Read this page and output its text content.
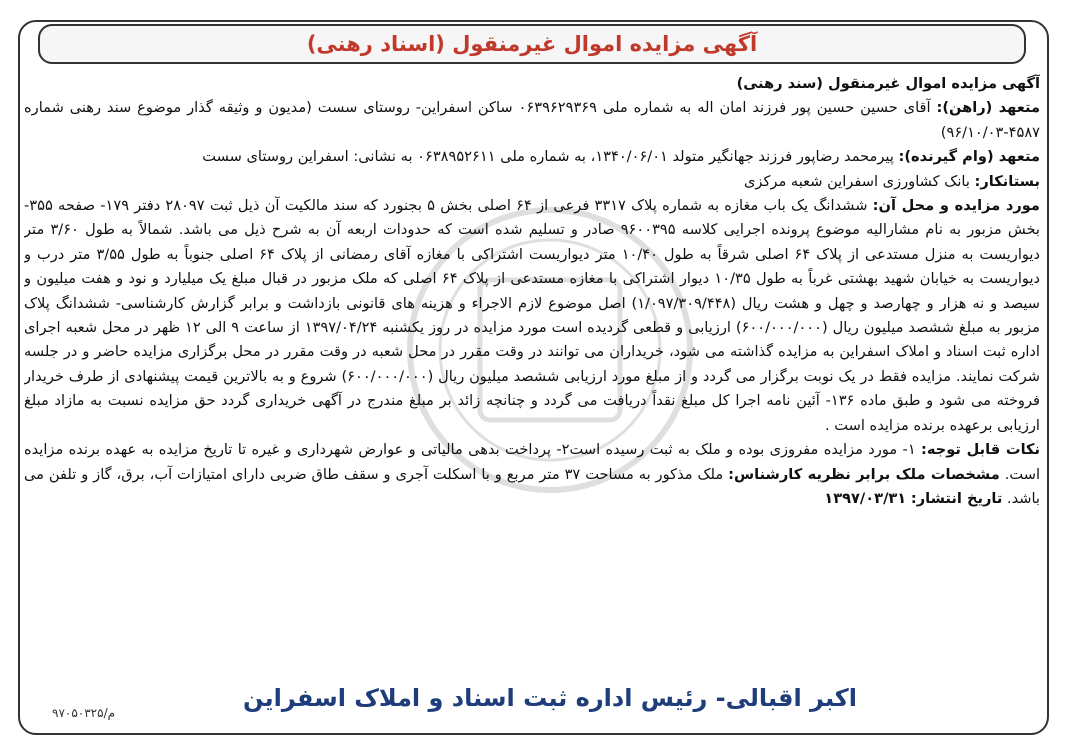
آگهی مزایده اموال غیرمنقول (اسناد رهنی)

آگهی مزایده اموال غیرمنقول (سند رهنی)

متعهد (راهن): آقای حسین حسین پور فرزند امان اله به شماره ملی ۰۶۳۹۶۲۹۳۶۹ ساکن اسفراین- روستای سست (مدیون و وثیقه گذار موضوع سند رهنی شماره ۴۵۸۷-۹۶/۱۰/۰۳)

متعهد (وام گیرنده): پیرمحمد رضاپور فرزند جهانگیر متولد ۱۳۴۰/۰۶/۰۱، به شماره ملی ۰۶۳۸۹۵۲۶۱۱ به نشانی: اسفراین روستای سست

بستانکار: بانک کشاورزی اسفراین شعبه مرکزی

مورد مزایده و محل آن: ششدانگ یک باب مغازه به شماره پلاک ۳۳۱۷ فرعی از ۶۴ اصلی بخش ۵ بجنورد که سند مالکیت آن ذیل ثبت ۲۸۰۹۷ دفتر ۱۷۹- صفحه ۳۵۵- بخش مزبور به نام مشارالیه موضوع پرونده اجرایی کلاسه ۹۶۰۰۳۹۵ صادر و تسلیم شده است که حدودات اربعه آن به شرح ذیل می باشد. شمالاً به طول ۳/۶۰ متر دیواریست به منزل مستدعی از پلاک ۶۴ اصلی شرقاً به طول ۱۰/۴۰ متر دیواریست اشتراکی با مغازه آقای رمضانی از پلاک ۶۴ اصلی جنوباً به طول ۳/۵۵ متر درب و دیواریست به خیابان شهید بهشتی غرباً به طول ۱۰/۳۵ دیوار اشتراکی با مغازه مستدعی از پلاک ۶۴ اصلی که ملک مزبور در قبال مبلغ یک میلیارد و نود و هفت میلیون و سیصد و نه هزار و چهارصد و چهل و هشت ریال (۱/۰۹۷/۳۰۹/۴۴۸) اصل موضوع لازم الاجراء و هزینه های قانونی بازداشت و برابر گزارش کارشناسی- ششدانگ پلاک مزبور به مبلغ ششصد میلیون ریال (۶۰۰/۰۰۰/۰۰۰) ارزیابی و قطعی گردیده است مورد مزایده در روز یکشنبه ۱۳۹۷/۰۴/۲۴ از ساعت ۹ الی ۱۲ ظهر در محل شعبه اجرای اداره ثبت اسناد و املاک اسفراین به مزایده گذاشته می شود، خریداران می توانند در وقت مقرر در محل شعبه در وقت مقرر در محل برگزاری مزایده حاضر و در جلسه شرکت نمایند. مزایده فقط در یک نوبت برگزار می گردد و از مبلغ مورد ارزیابی ششصد میلیون ریال (۶۰۰/۰۰۰/۰۰۰) شروع و به بالاترین قیمت پیشنهادی از طرف خریدار فروخته می شود و طبق ماده ۱۳۶- آئین نامه اجرا کل مبلغ نقداً دریافت می گردد و چنانچه زائد بر مبلغ مندرج در آگهی خریداری گردد حق مزایده نسبت به مازاد مبلغ ارزیابی برعهده برنده مزایده است .

نکات قابل توجه: ۱- مورد مزایده مفروزی بوده و ملک به ثبت رسیده است۲- پرداخت بدهی مالیاتی و عوارض شهرداری و غیره تا تاریخ مزایده به عهده برنده مزایده است. مشخصات ملک برابر نظریه کارشناس: ملک مذکور به مساحت ۳۷ متر مربع و با اسکلت آجری و سقف طاق ضربی دارای امتیازات آب، برق، گاز و تلفن می باشد. تاریخ انتشار: ۱۳۹۷/۰۳/۳۱

اکبر اقبالی- رئیس اداره ثبت اسناد و املاک اسفراین
۹۷۰۵۰۳۲۵/م
